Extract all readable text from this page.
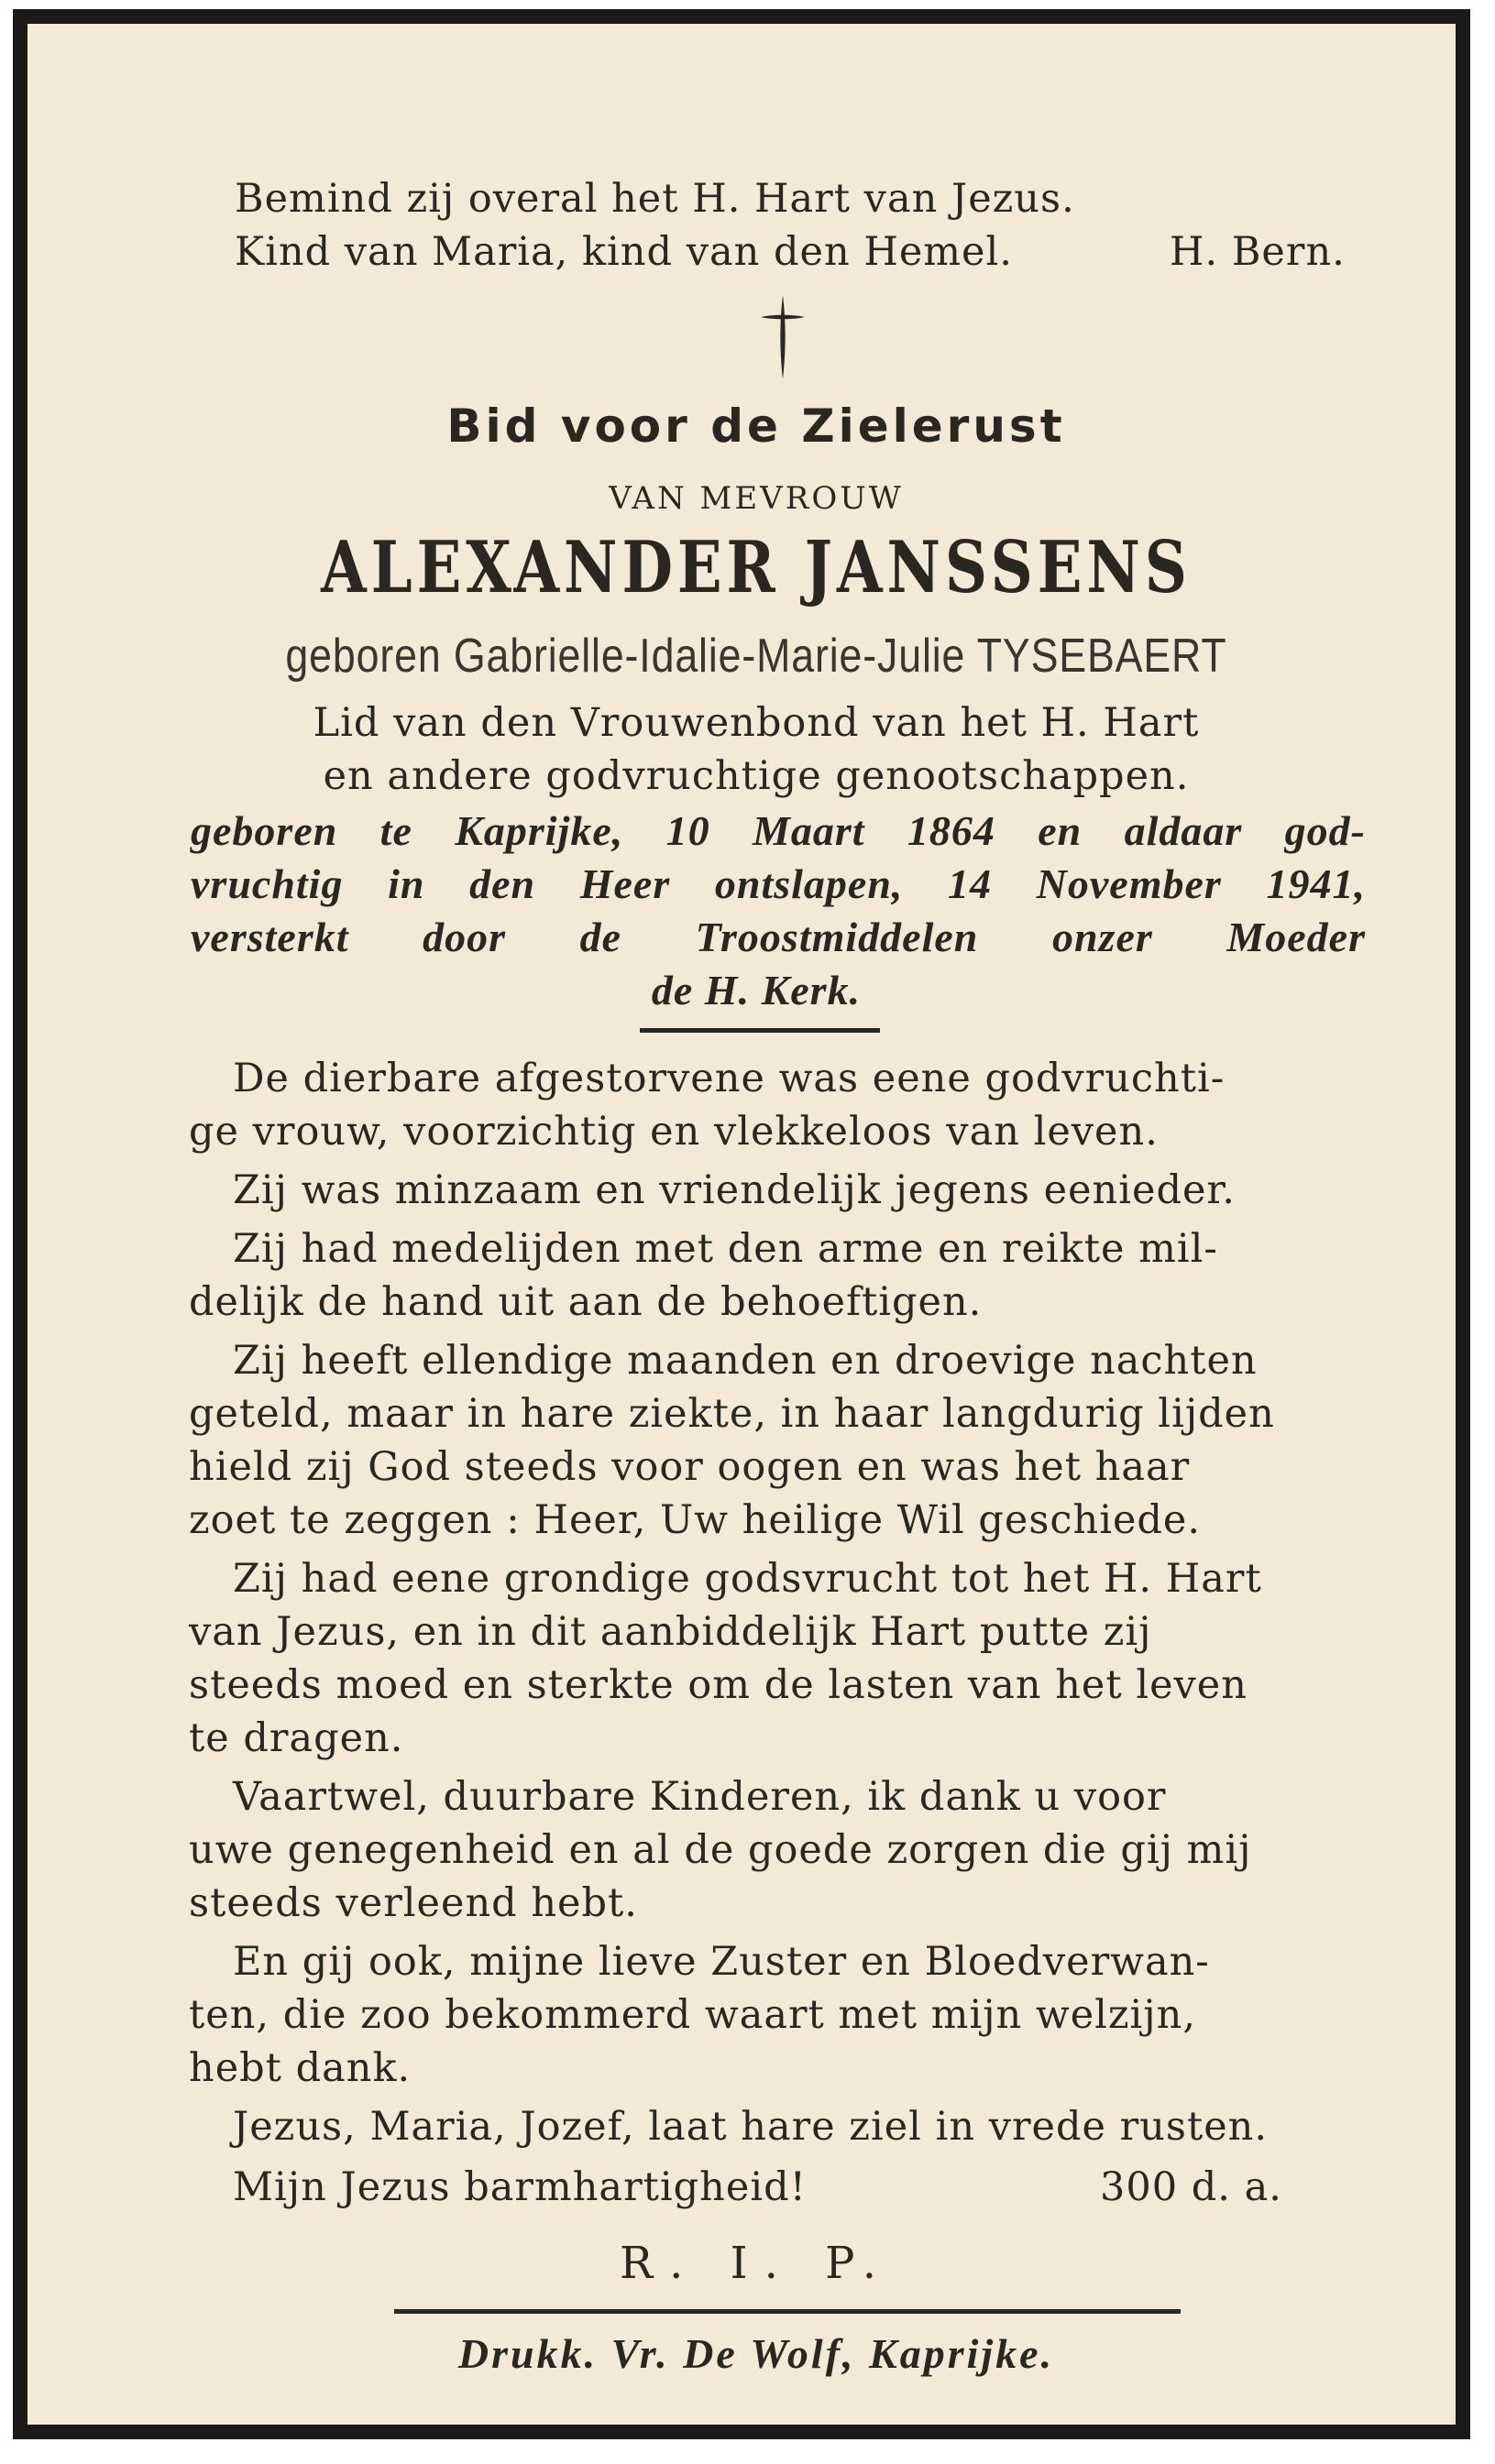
Bemind zij overal het H. Hart van Jezus.
Kind van Maria, kind van den Hemel.	H. Bern.
Bid voor de Zielerust
VAN MEVROUW
ALEXANDER JANSSENS
geboren Gabrielle-Idalie-Marie-Julie TYSEBAERT
Lid van den Vrouwenbond van het H. Hart
en andere godvruchtige genootschappen.
geboren te Kaprijke, 10 Maart 1864 en aldaar god-
vruchtig in den Heer ontslapen, 14 November 1941,
versterkt door de Troostmiddelen onzer Moeder
de H. Kerk.
De dierbare afgestorvene was eene godvruchti-
ge vrouw, voorzichtig en vlekkeloos van leven.
Zij was minzaam en vriendelijk jegens eenieder.
Zij had medelijden met den arme en reikte mil-
delijk de hand uit aan de behoeftigen.
Zij heeft ellendige maanden en droevige nachten
geteld, maar in hare ziekte, in haar langdurig lijden
hield zij God steeds voor oogen en was het haar
zoet te zeggen : Heer, Uw heilige Wil geschiede.
Zij had eene grondige godsvrucht tot het H. Hart
van Jezus, en in dit aanbiddelijk Hart putte zij
steeds moed en sterkte om de lasten van het leven
te dragen.
Vaartwel, duurbare Kinderen, ik dank u voor
uwe genegenheid en al de goede zorgen die gij mij
steeds verleend hebt.
En gij ook, mijne lieve Zuster en Bloedverwan-
ten, die zoo bekommerd waart met mijn welzijn,
hebt dank.
Jezus, Maria, Jozef, laat hare ziel in vrede rusten.
Mijn Jezus barmhartigheid!	300 d. a.
R. I. P.
Drukk. Vr. De Wolf, Kaprijke.
